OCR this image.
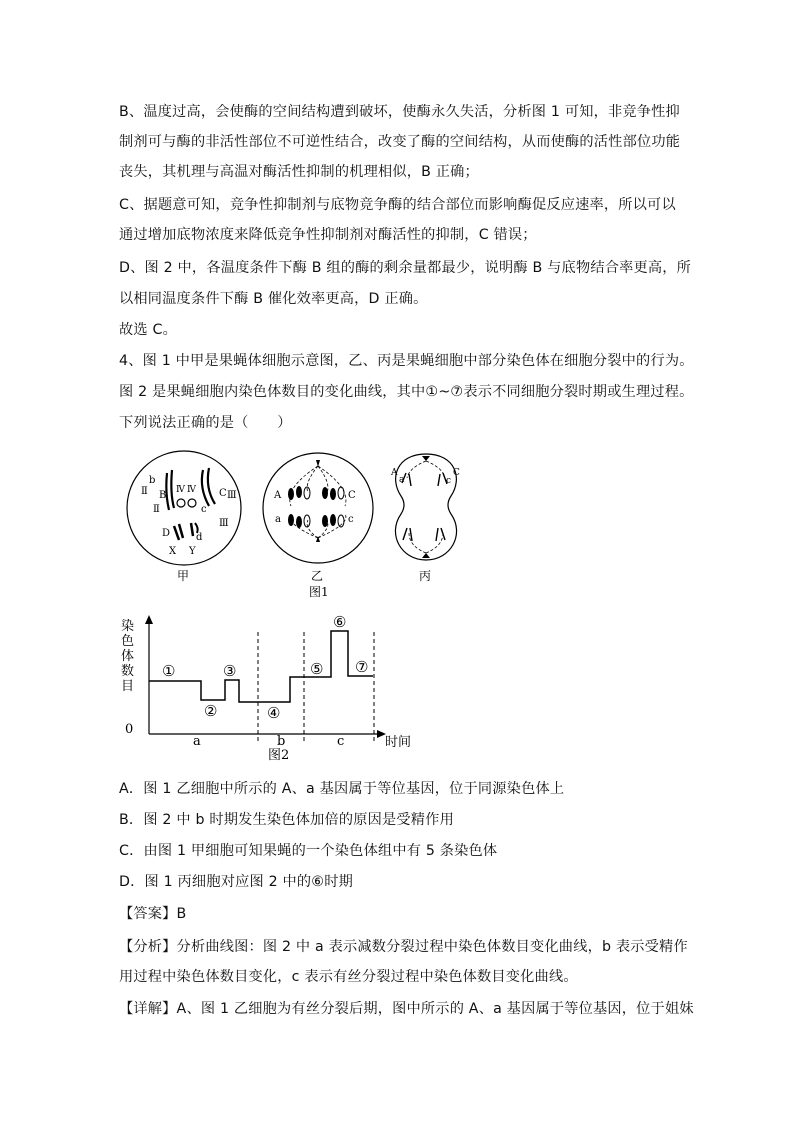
B、温度过高，会使酶的空间结构遭到破坏，使酶永久失活，分析图 1 可知，非竞争性抑
制剂可与酶的非活性部位不可逆性结合，改变了酶的空间结构，从而使酶的活性部位功能
丧失，其机理与高温对酶活性抑制的机理相似，B 正确；
C、据题意可知，竞争性抑制剂与底物竞争酶的结合部位而影响酶促反应速率，所以可以
通过增加底物浓度来降低竞争性抑制剂对酶活性的抑制，C 错误；
D、图 2 中，各温度条件下酶 B 组的酶的剩余量都最少，说明酶 B 与底物结合率更高，所
以相同温度条件下酶 B 催化效率更高，D 正确。
故选 C。
4、图 1 中甲是果蝇体细胞示意图，乙、丙是果蝇细胞中部分染色体在细胞分裂中的行为。
图 2 是果蝇细胞内染色体数目的变化曲线，其中①~⑦表示不同细胞分裂时期或生理过程。
下列说法正确的是（　　）
b
B
Ⅱ
Ⅱ
Ⅳ Ⅳ C
c
Ⅲ
Ⅲ
D	d
X Y
甲
A
a
C
c
乙
图1
A
a
C
c
丙
染
色
体
数
目
0
时间
①
②
③
④
⑤
⑥
⑦
a	b	c
图2
A．图 1 乙细胞中所示的 A、a 基因属于等位基因，位于同源染色体上
B．图 2 中 b 时期发生染色体加倍的原因是受精作用
C．由图 1 甲细胞可知果蝇的一个染色体组中有 5 条染色体
D．图 1 丙细胞对应图 2 中的⑥时期
【答案】B
【分析】分析曲线图：图 2 中 a 表示减数分裂过程中染色体数目变化曲线，b 表示受精作
用过程中染色体数目变化，c 表示有丝分裂过程中染色体数目变化曲线。
【详解】A、图 1 乙细胞为有丝分裂后期，图中所示的 A、a 基因属于等位基因，位于姐妹
